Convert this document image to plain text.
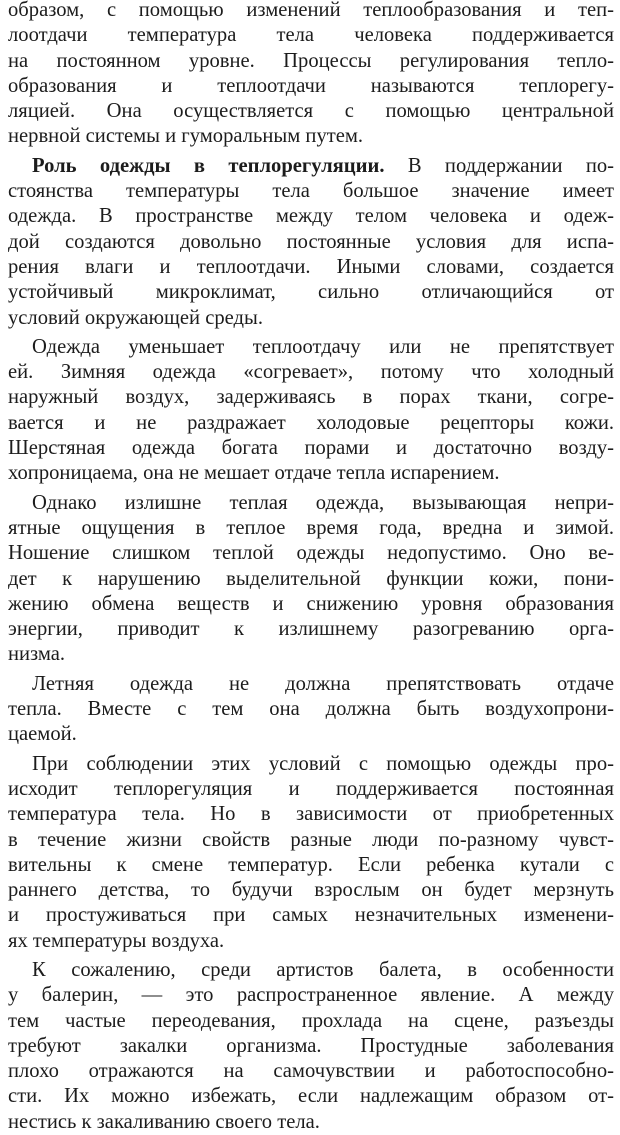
образом, с помощью изменений теплообразования и теп-
лоотдачи температура тела человека поддерживается
на постоянном уровне. Процессы регулирования тепло-
образования и теплоотдачи называются теплорегу-
ляцией. Она осуществляется с помощью центральной
нервной системы и гуморальным путем.
Роль одежды в теплорегуляции. В поддержании по-
стоянства температуры тела большое значение имеет
одежда. В пространстве между телом человека и одеж-
дой создаются довольно постоянные условия для испа-
рения влаги и теплоотдачи. Иными словами, создается
устойчивый микроклимат, сильно отличающийся от
условий окружающей среды.
Одежда уменьшает теплоотдачу или не препятствует
ей. Зимняя одежда «согревает», потому что холодный
наружный воздух, задерживаясь в порах ткани, согре-
вается и не раздражает холодовые рецепторы кожи.
Шерстяная одежда богата порами и достаточно возду-
хопроницаема, она не мешает отдаче тепла испарением.
Однако излишне теплая одежда, вызывающая непри-
ятные ощущения в теплое время года, вредна и зимой.
Ношение слишком теплой одежды недопустимо. Оно ве-
дет к нарушению выделительной функции кожи, пони-
жению обмена веществ и снижению уровня образования
энергии, приводит к излишнему разогреванию орга-
низма.
Летняя одежда не должна препятствовать отдаче
тепла. Вместе с тем она должна быть воздухопрони-
цаемой.
При соблюдении этих условий с помощью одежды про-
исходит теплорегуляция и поддерживается постоянная
температура тела. Но в зависимости от приобретенных
в течение жизни свойств разные люди по-разному чувст-
вительны к смене температур. Если ребенка кутали с
раннего детства, то будучи взрослым он будет мерзнуть
и простуживаться при самых незначительных изменени-
ях температуры воздуха.
К сожалению, среди артистов балета, в особенности
у балерин, — это распространенное явление. А между
тем частые переодевания, прохлада на сцене, разъезды
требуют закалки организма. Простудные заболевания
плохо отражаются на самочувствии и работоспособно-
сти. Их можно избежать, если надлежащим образом от-
нестись к закаливанию своего тела.
